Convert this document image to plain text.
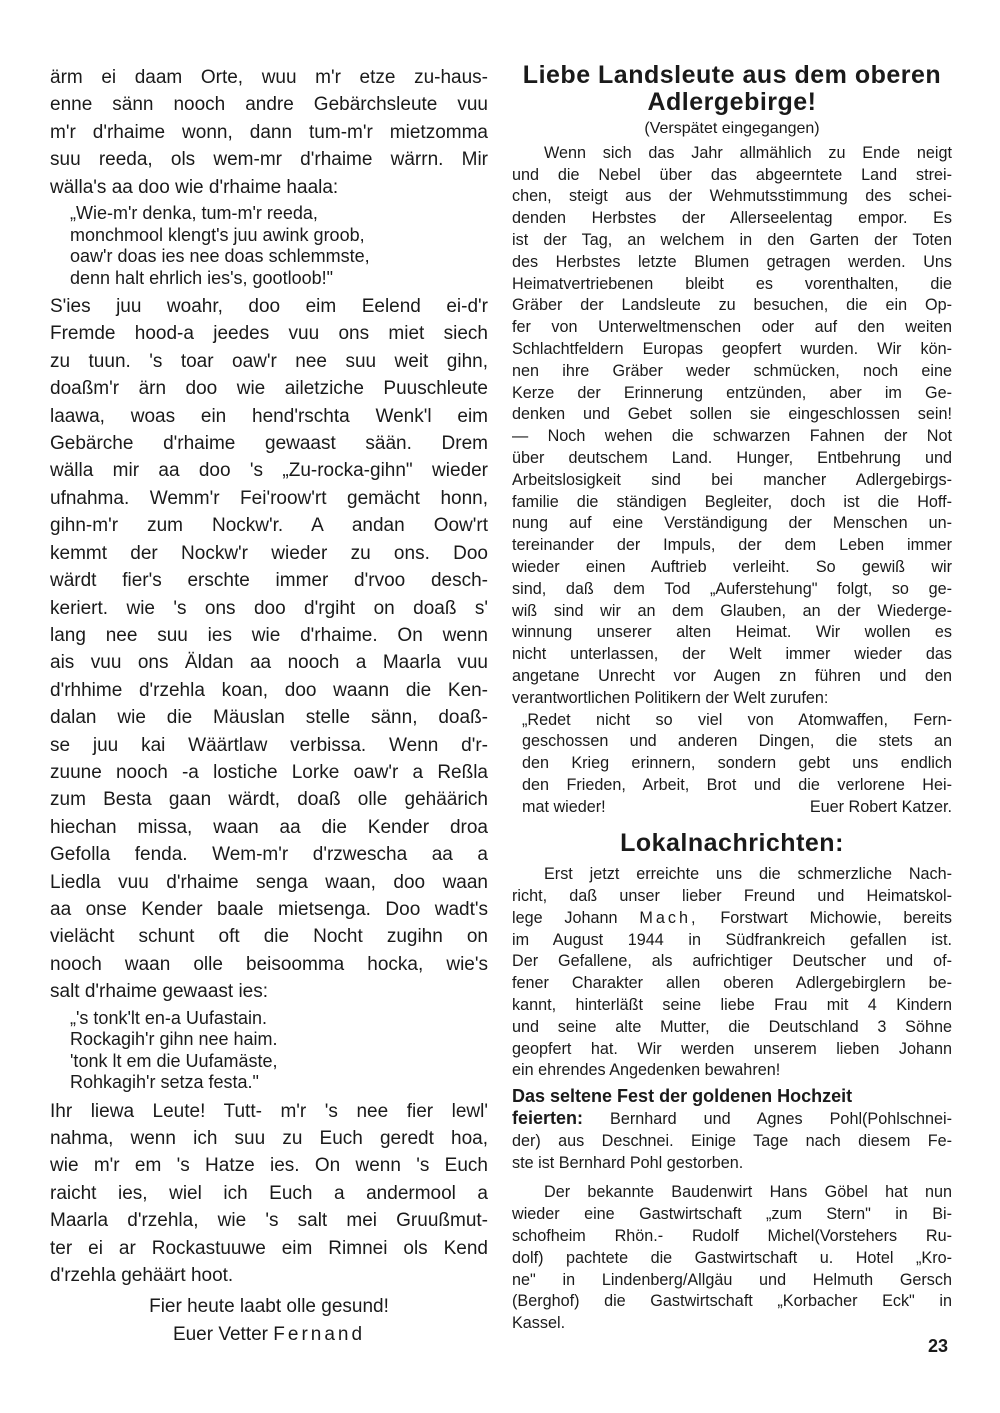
ärm ei daam Orte, wuu m'r etze zu-haus-
enne sänn nooch andre Gebärchsleute vuu
m'r d'rhaime wonn, dann tum-m'r mietzomma
suu reeda, ols wem-mr d'rhaime wärrn. Mir
wälla's aa doo wie d'rhaime haala:
„Wie-m'r denka, tum-m'r reeda,
monchmool klengt's juu awink groob,
oaw'r doas ies nee doas schlemmste,
denn halt ehrlich ies's, gootloob!"
S'ies juu woahr, doo eim Eelend ei-d'r
Fremde hood-a jeedes vuu ons miet siech
zu tuun. 's toar oaw'r nee suu weit gihn,
doaßm'r ärn doo wie ailetziche Puuschleute
laawa, woas ein hend'rschta Wenk'l eim
Gebärche d'rhaime gewaast sään. Drem
wälla mir aa doo 's „Zu-rocka-gihn" wieder
ufnahma. Wemm'r Fei'roow'rt gemächt honn,
gihn-m'r zum Nockw'r. A andan Oow'rt
kemmt der Nockw'r wieder zu ons. Doo
wärdt fier's erschte immer d'rvoo desch-
keriert. wie 's ons doo d'rgiht on doaß s'
lang nee suu ies wie d'rhaime. On wenn
ais vuu ons Äldan aa nooch a Maarla vuu
d'rhhime d'rzehla koan, doo waann die Ken-
dalan wie die Mäuslan stelle sänn, doaß-
se juu kai Wäärtlaw verbissa. Wenn d'r-
zuune nooch -a lostiche Lorke oaw'r a Reßla
zum Besta gaan wärdt, doaß olle gehäärich
hiechan missa, waan aa die Kender droa
Gefolla fenda. Wem-m'r d'rzwescha aa a
Liedla vuu d'rhaime senga waan, doo waan
aa onse Kender baale mietsenga. Doo wadt's
vielächt schunt oft die Nocht zugihn on
nooch waan olle beisoomma hocka, wie's
salt d'rhaime gewaast ies:
„'s tonk'lt en-a Uufastain.
Rockagih'r gihn nee haim.
'tonk lt em die Uufamäste,
Rohkagih'r setza festa."
Ihr liewa Leute! Tutt- m'r 's nee fier lewl'
nahma, wenn ich suu zu Euch geredt hoa,
wie m'r em 's Hatze ies. On wenn 's Euch
raicht ies, wiel ich Euch a andermool a
Maarla d'rzehla, wie 's salt mei Gruußmut-
ter ei ar Rockastuuwe eim Rimnei ols Kend
d'rzehla gehäärt hoot.
Fier heute laabt olle gesund!
Euer Vetter Fernand
Liebe Landsleute aus dem oberen
Adlergebirge!
(Verspätet eingegangen)
Wenn sich das Jahr allmählich zu Ende neigt
und die Nebel über das abgeerntete Land strei-
chen, steigt aus der Wehmutsstimmung des schei-
denden Herbstes der Allerseelentag empor. Es
ist der Tag, an welchem in den Garten der Toten
des Herbstes letzte Blumen getragen werden. Uns
Heimatvertriebenen bleibt es vorenthalten, die
Gräber der Landsleute zu besuchen, die ein Op-
fer von Unterweltmenschen oder auf den weiten
Schlachtfeldern Europas geopfert wurden. Wir kön-
nen ihre Gräber weder schmücken, noch eine
Kerze der Erinnerung entzünden, aber im Ge-
denken und Gebet sollen sie eingeschlossen sein!
— Noch wehen die schwarzen Fahnen der Not
über deutschem Land. Hunger, Entbehrung und
Arbeitslosigkeit sind bei mancher Adlergebirgs-
familie die ständigen Begleiter, doch ist die Hoff-
nung auf eine Verständigung der Menschen un-
tereinander der Impuls, der dem Leben immer
wieder einen Auftrieb verleiht. So gewiß wir
sind, daß dem Tod „Auferstehung" folgt, so ge-
wiß sind wir an dem Glauben, an der Wiederge-
winnung unserer alten Heimat. Wir wollen es
nicht unterlassen, der Welt immer wieder das
angetane Unrecht vor Augen zn führen und den
verantwortlichen Politikern der Welt zurufen:
„Redet nicht so viel von Atomwaffen, Fern-
geschossen und anderen Dingen, die stets an
den Krieg erinnern, sondern gebt uns endlich
den Frieden, Arbeit, Brot und die verlorene Hei-
mat wieder!	Euer Robert Katzer.
Lokalnachrichten:
Erst jetzt erreichte uns die schmerzliche Nach-
richt, daß unser lieber Freund und Heimatskol-
lege Johann Mach, Forstwart Michowie, bereits
im August 1944 in Südfrankreich gefallen ist.
Der Gefallene, als aufrichtiger Deutscher und of-
fener Charakter allen oberen Adlergebirglern be-
kannt, hinterläßt seine liebe Frau mit 4 Kindern
und seine alte Mutter, die Deutschland 3 Söhne
geopfert hat. Wir werden unserem lieben Johann
ein ehrendes Angedenken bewahren!
Das seltene Fest der goldenen Hochzeit
feierten: Bernhard und Agnes Pohl(Pohlschnei-
der) aus Deschnei. Einige Tage nach diesem Fe-
ste ist Bernhard Pohl gestorben.
Der bekannte Baudenwirt Hans Göbel hat nun
wieder eine Gastwirtschaft „zum Stern" in Bi-
schofheim Rhön.- Rudolf Michel(Vorstehers Ru-
dolf) pachtete die Gastwirtschaft u. Hotel „Kro-
ne" in Lindenberg/Allgäu und Helmuth Gersch
(Berghof) die Gastwirtschaft „Korbacher Eck" in
Kassel.
23
